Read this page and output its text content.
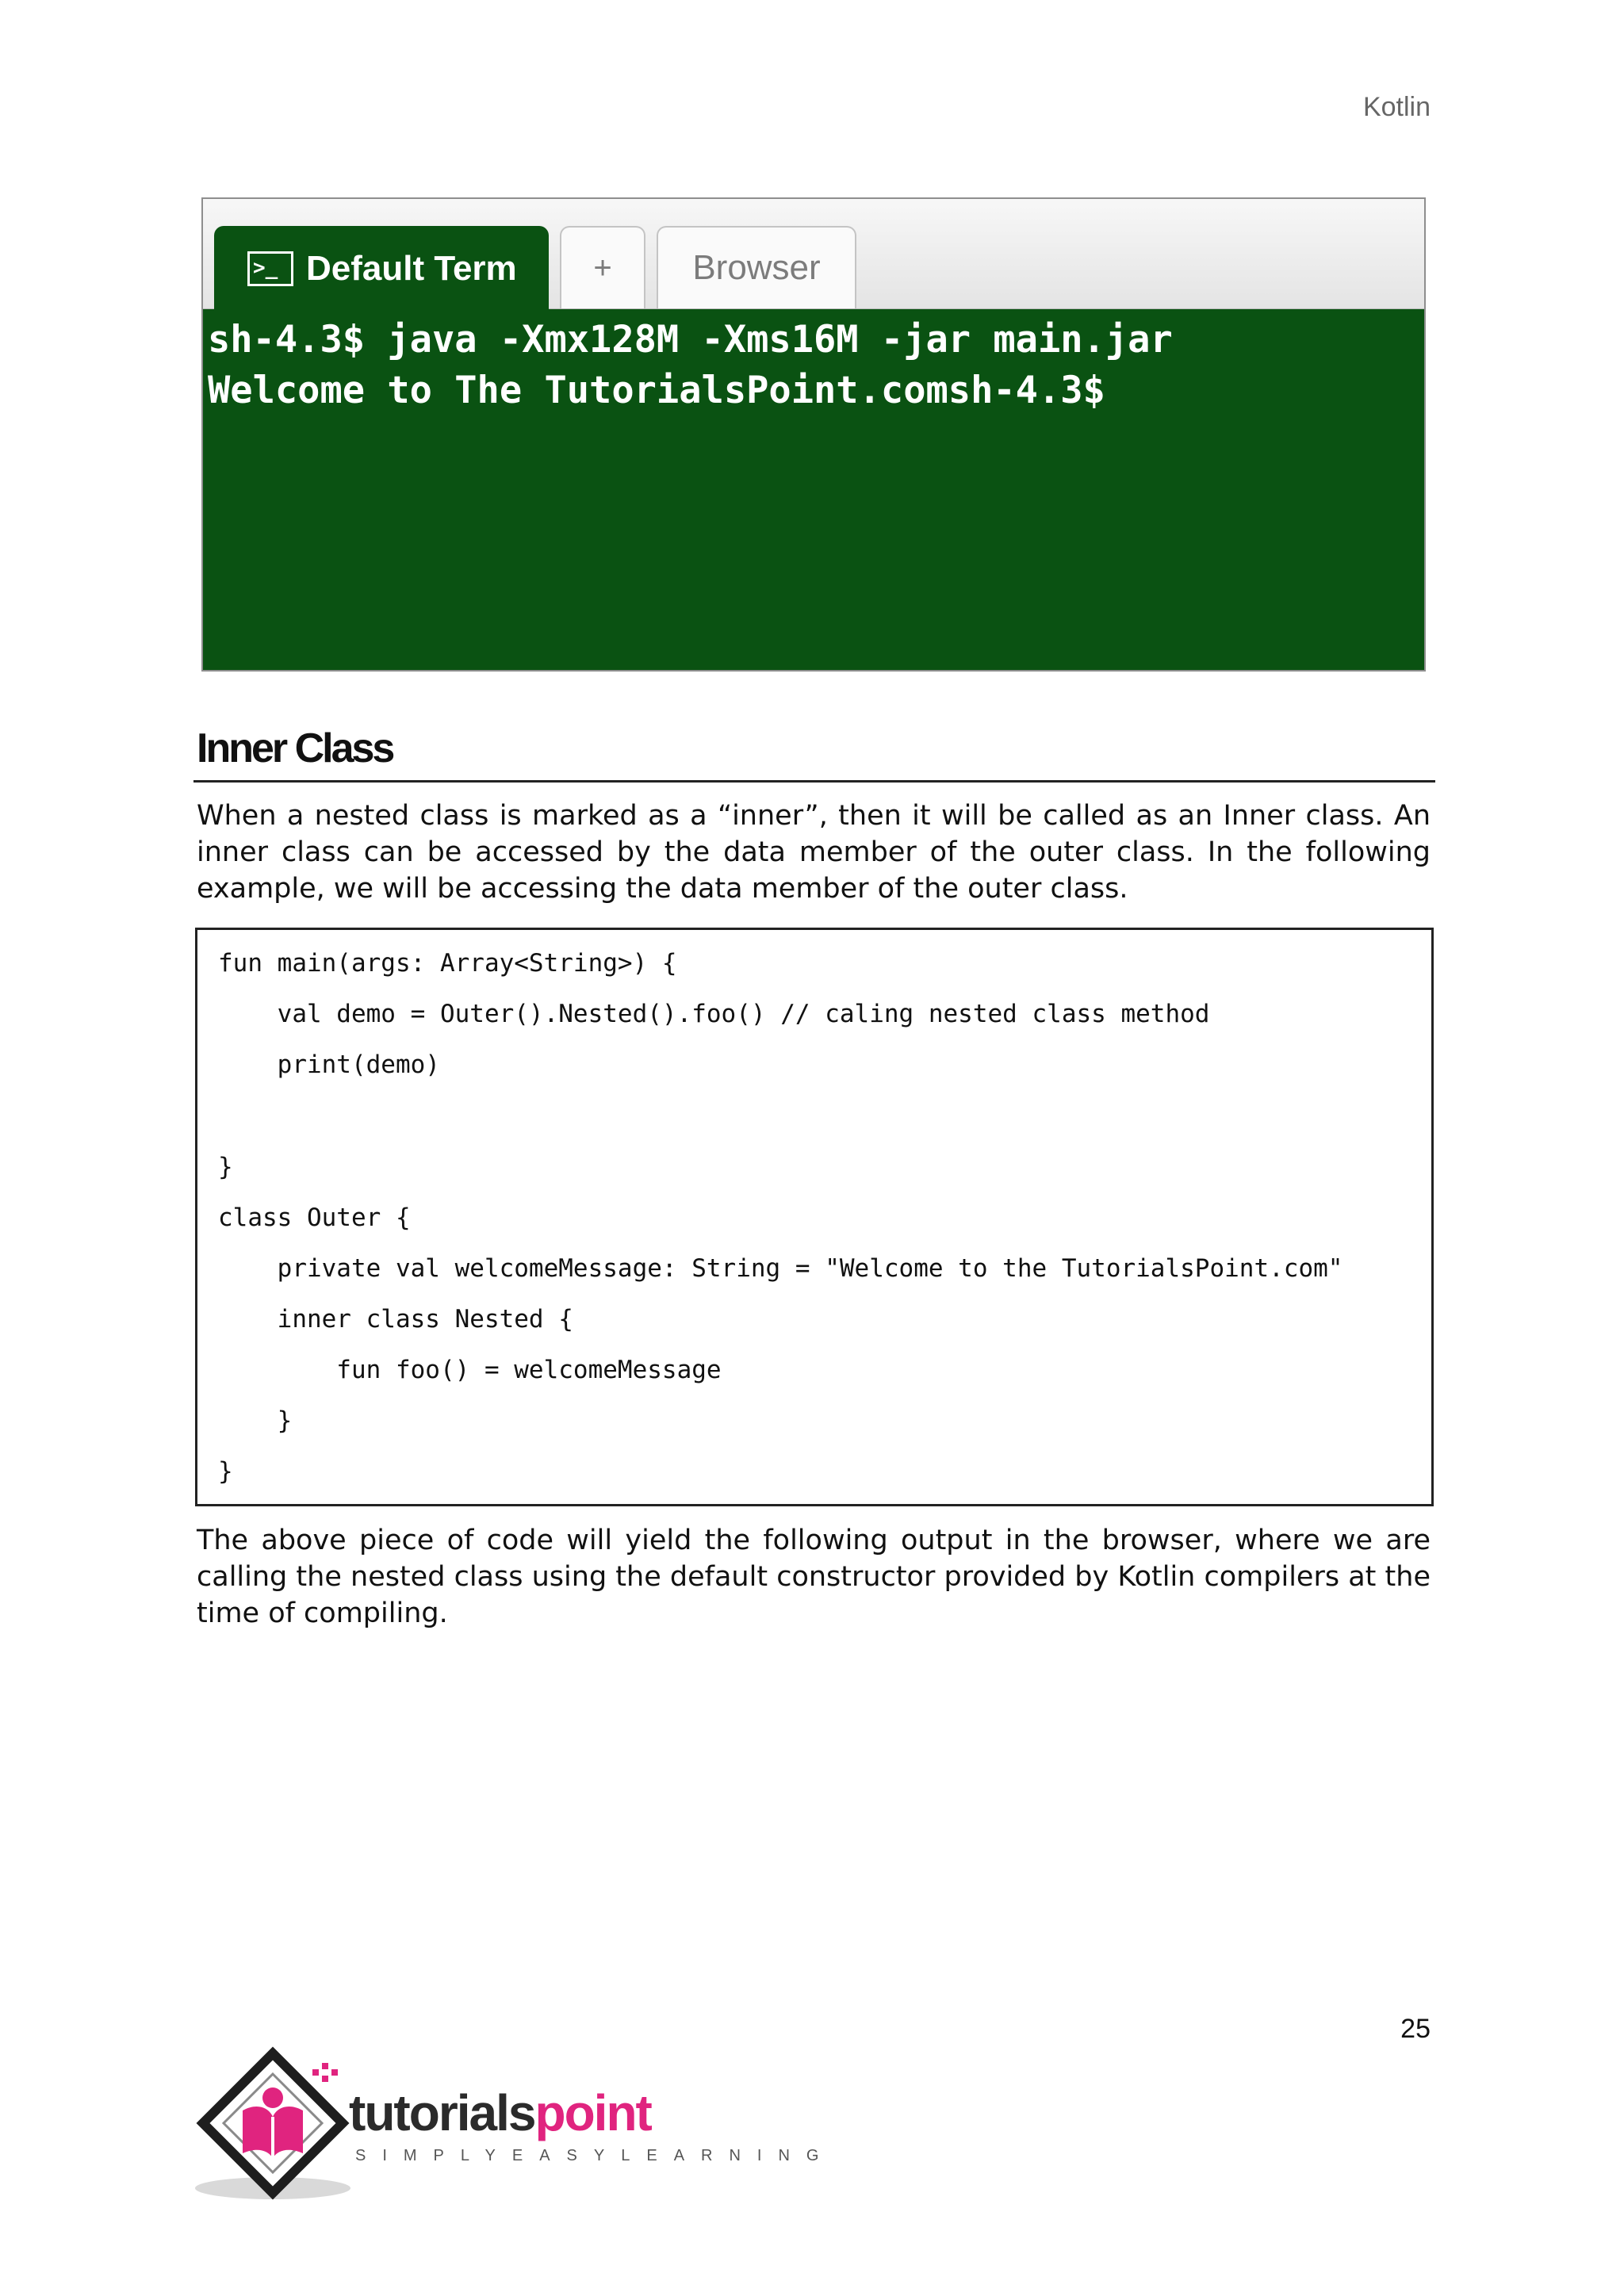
Kotlin
>_ Default Term	+	Browser
sh-4.3$ java -Xmx128M -Xms16M -jar main.jar
Welcome to The TutorialsPoint.comsh-4.3$
Inner Class

When a nested class is marked as a “inner”, then it will be called as an Inner class. An inner class can be accessed by the data member of the outer class. In the following example, we will be accessing the data member of the outer class.

fun main(args: Array<String>) {
val demo = Outer().Nested().foo() // caling nested class method
print(demo)
}
class Outer {
private val welcomeMessage: String = "Welcome to the TutorialsPoint.com"
inner class Nested {
fun foo() = welcomeMessage
}
}

The above piece of code will yield the following output in the browser, where we are calling the nested class using the default constructor provided by Kotlin compilers at the time of compiling.

25
tutorialspoint
SIMPLYEASYLEARNING
